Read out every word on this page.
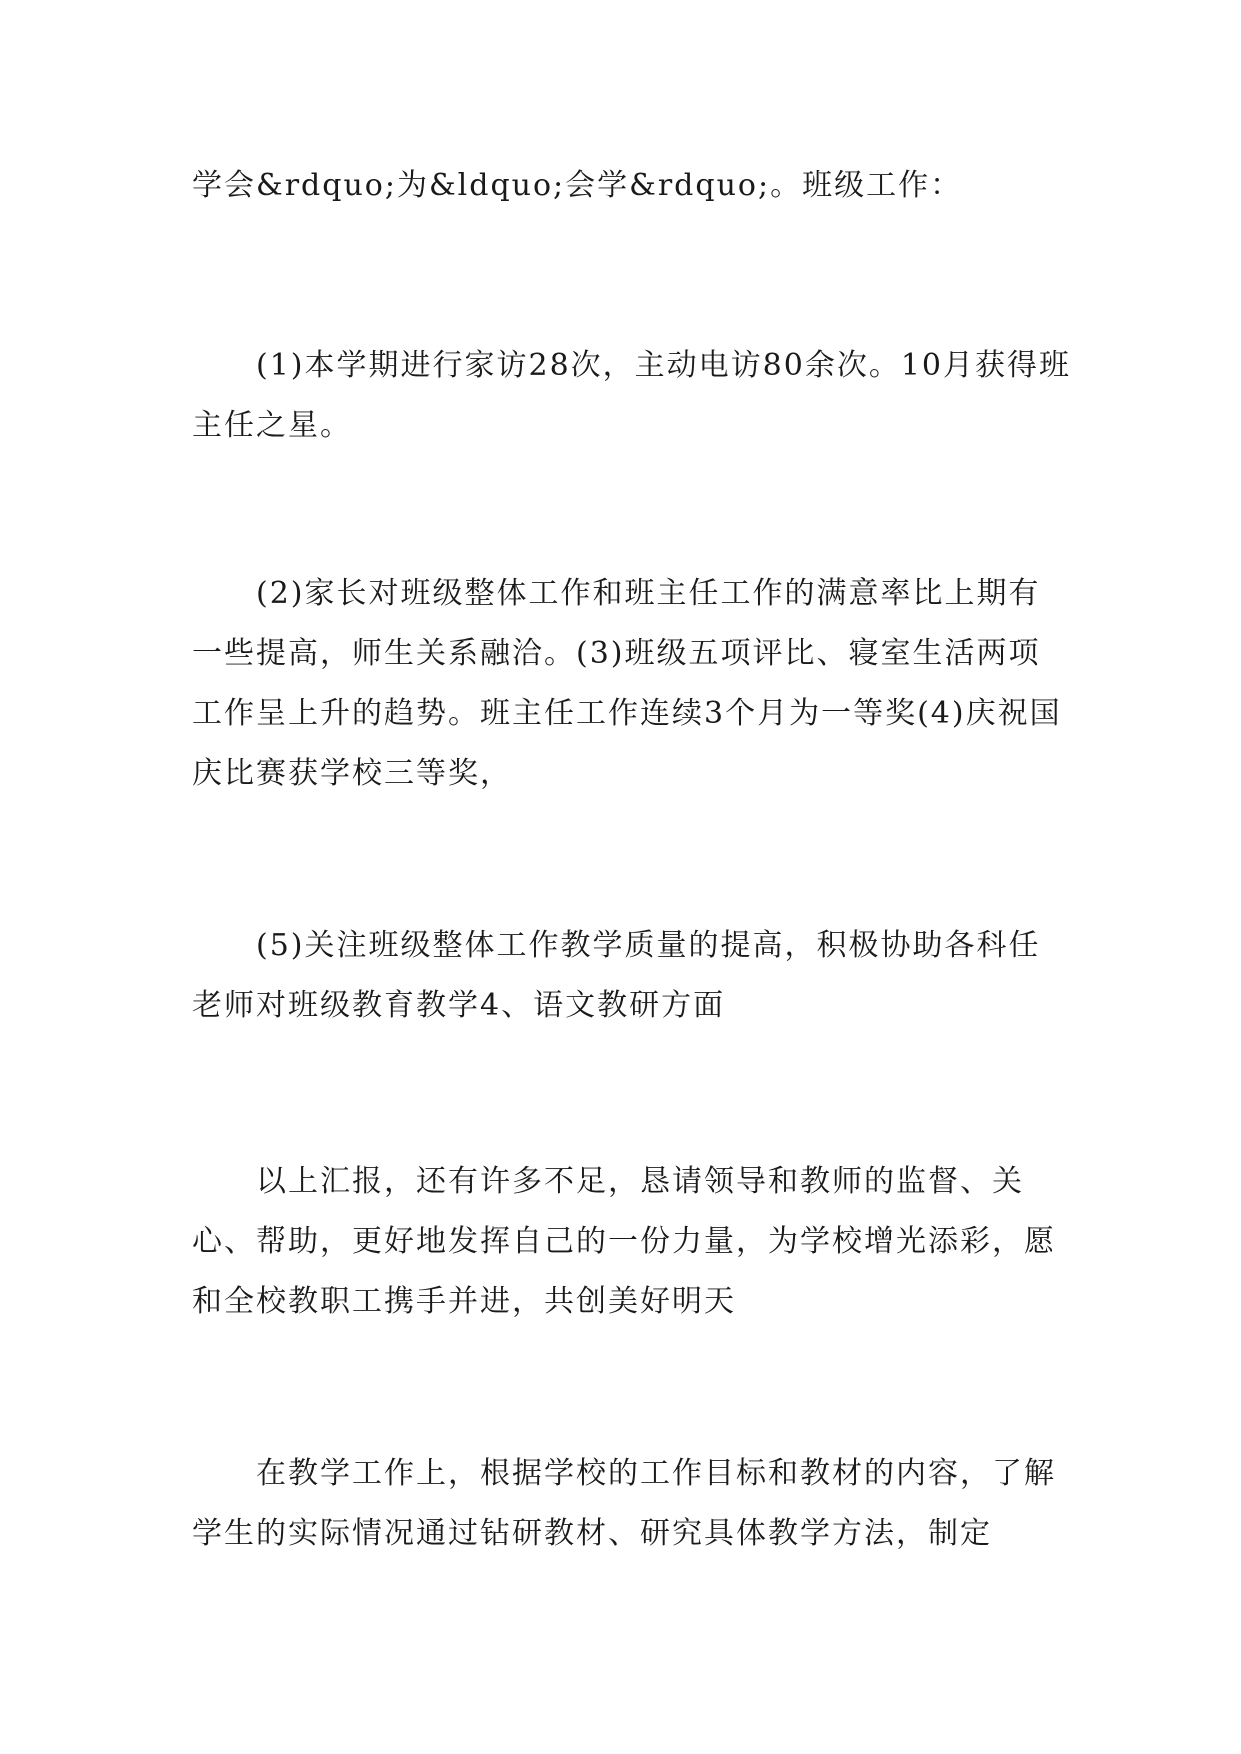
学会&rdquo;为&ldquo;会学&rdquo;。班级工作：

(1)本学期进行家访28次，主动电访80余次。10月获得班主任之星。

(2)家长对班级整体工作和班主任工作的满意率比上期有一些提高，师生关系融洽。(3)班级五项评比、寝室生活两项工作呈上升的趋势。班主任工作连续3个月为一等奖(4)庆祝国庆比赛获学校三等奖，

(5)关注班级整体工作教学质量的提高，积极协助各科任老师对班级教育教学4、语文教研方面

以上汇报，还有许多不足，恳请领导和教师的监督、关心、帮助，更好地发挥自己的一份力量，为学校增光添彩，愿和全校教职工携手并进，共创美好明天

在教学工作上，根据学校的工作目标和教材的内容，了解学生的实际情况通过钻研教材、研究具体教学方法，制定
